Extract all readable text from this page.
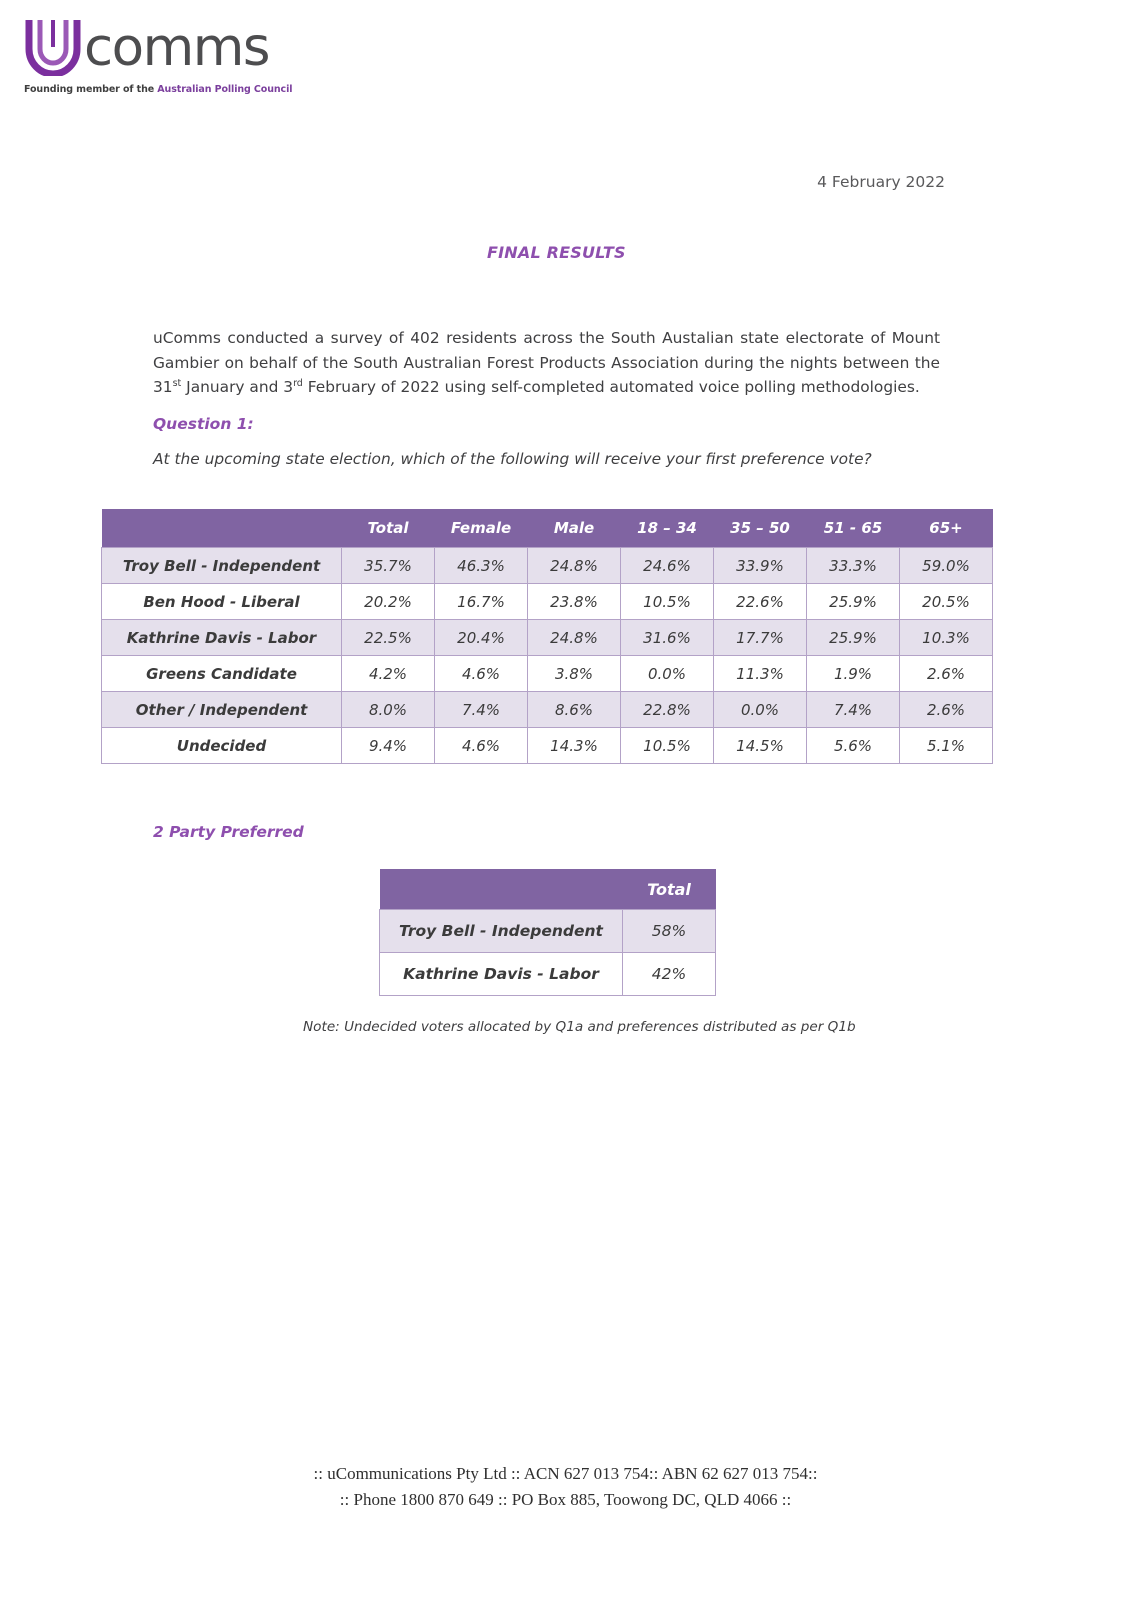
comms
Founding member of the Australian Polling Council
4 February 2022
FINAL RESULTS

uComms conducted a survey of 402 residents across the South Austalian state electorate of Mount Gambier on behalf of the South Australian Forest Products Association during the nights between the 31st January and 3rd February of 2022 using self-completed automated voice polling methodologies.

Question 1:
At the upcoming state election, which of the following will receive your first preference vote?
	Total	Female	Male	18 – 34	35 – 50	51 - 65	65+
Troy Bell - Independent	35.7%	46.3%	24.8%	24.6%	33.9%	33.3%	59.0%
Ben Hood - Liberal	20.2%	16.7%	23.8%	10.5%	22.6%	25.9%	20.5%
Kathrine Davis - Labor	22.5%	20.4%	24.8%	31.6%	17.7%	25.9%	10.3%
Greens Candidate	4.2%	4.6%	3.8%	0.0%	11.3%	1.9%	2.6%
Other / Independent	8.0%	7.4%	8.6%	22.8%	0.0%	7.4%	2.6%
Undecided	9.4%	4.6%	14.3%	10.5%	14.5%	5.6%	5.1%
2 Party Preferred
	Total
Troy Bell - Independent	58%
Kathrine Davis - Labor	42%
Note: Undecided voters allocated by Q1a and preferences distributed as per Q1b
:: uCommunications Pty Ltd :: ACN 627 013 754:: ABN 62 627 013 754::
:: Phone 1800 870 649 :: PO Box 885, Toowong DC, QLD 4066 ::
